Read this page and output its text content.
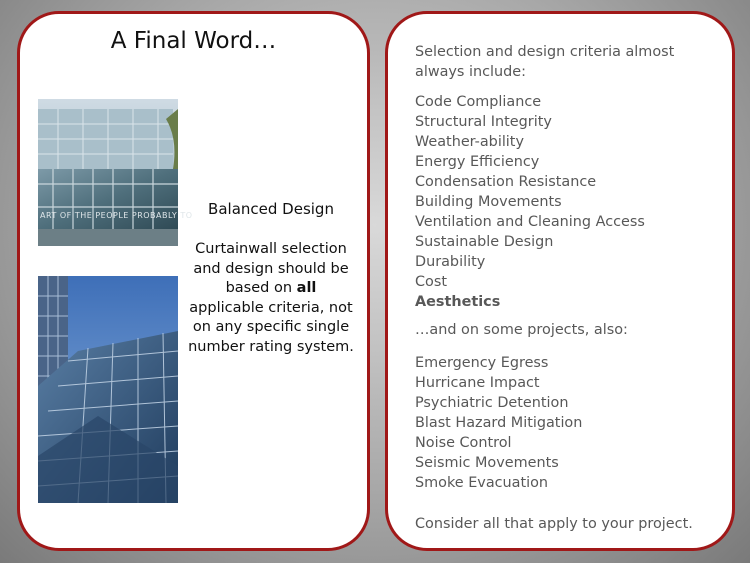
A Final Word…
ART OF THE PEOPLE PROBABLY TO	Balanced Design
Curtainwall selection and design should be based on all applicable criteria, not on any specific single number rating system.

Selection and design criteria almost always include:

Code Compliance
Structural Integrity
Weather-ability
Energy Efficiency
Condensation Resistance
Building Movements
Ventilation and Cleaning Access
Sustainable Design
Durability
Cost
Aesthetics

…and on some projects, also:

Emergency Egress
Hurricane Impact
Psychiatric Detention
Blast Hazard Mitigation
Noise Control
Seismic Movements
Smoke Evacuation

Consider all that apply to your project.
